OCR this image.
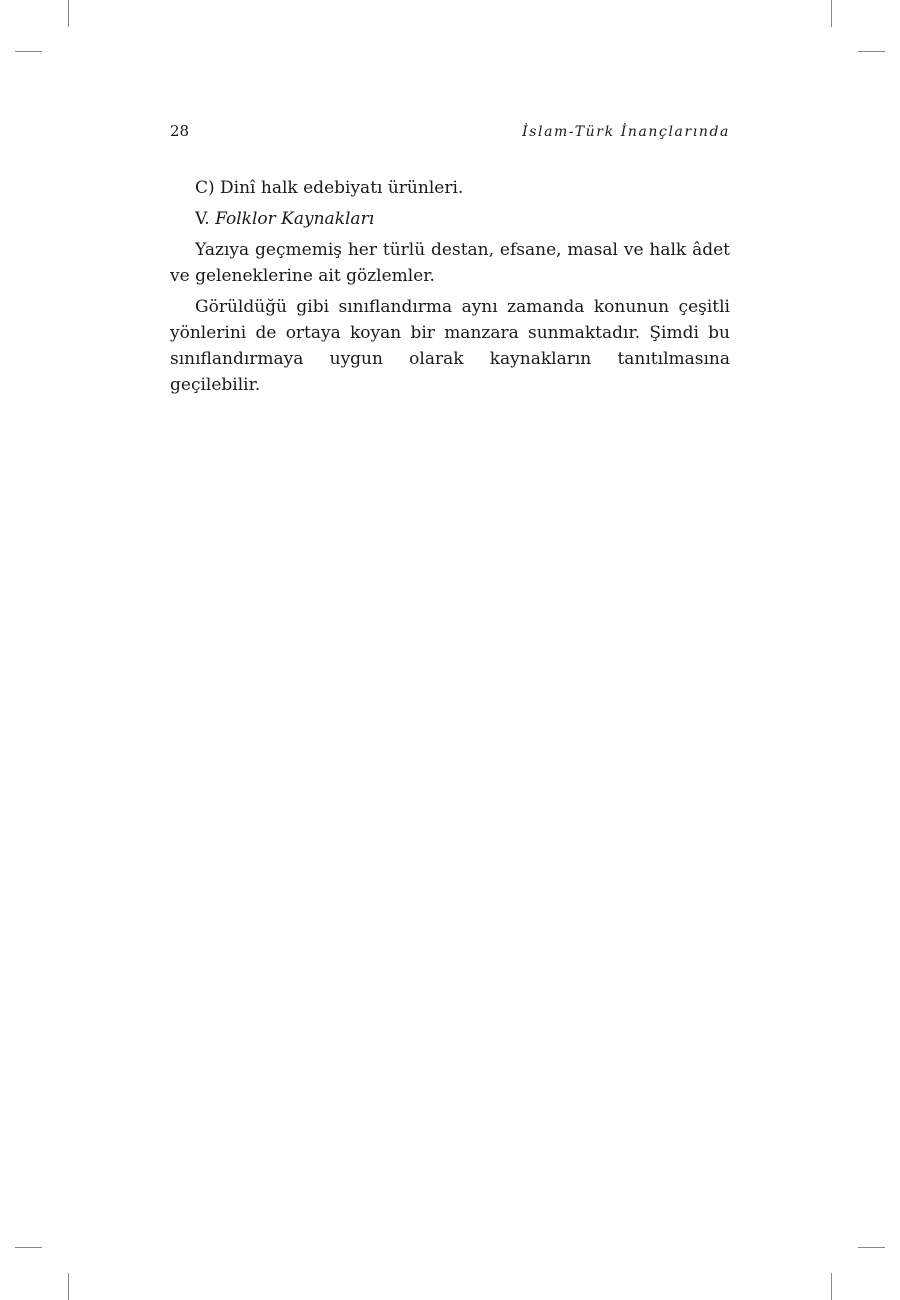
28	İslam-Türk İnançlarında

C) Dinî halk edebiyatı ürünleri.

V. Folklor Kaynakları

Yazıya geçmemiş her türlü destan, efsane, masal ve halk âdet ve geleneklerine ait gözlemler.

Görüldüğü gibi sınıflandırma aynı zamanda konunun çeşitli yönlerini de ortaya koyan bir manzara sunmaktadır. Şimdi bu sınıflandırmaya uygun olarak kaynakların tanıtılmasına geçilebilir.
